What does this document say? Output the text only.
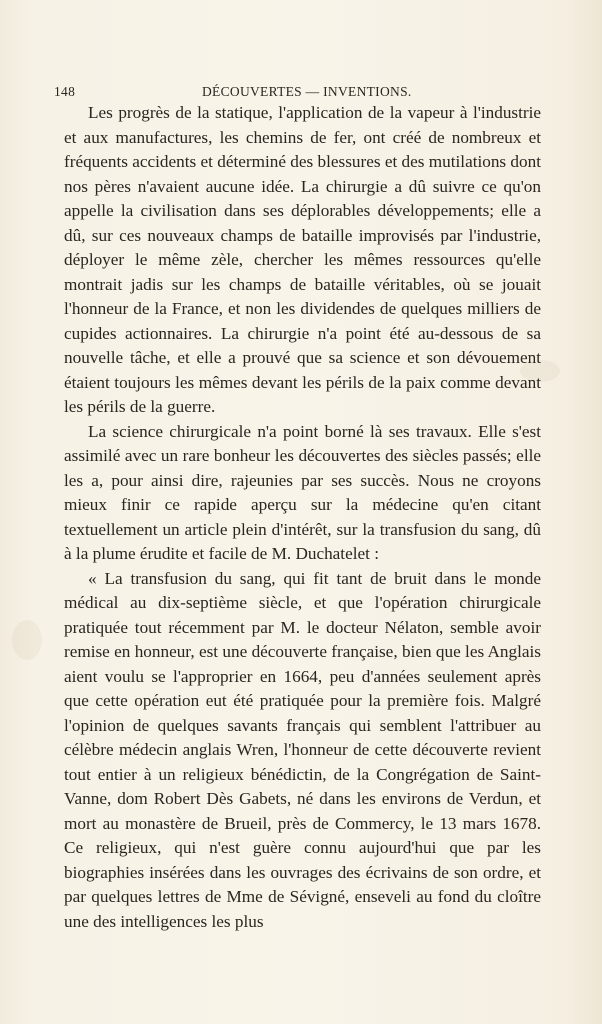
148	DÉCOUVERTES — INVENTIONS.

Les progrès de la statique, l'application de la vapeur à l'industrie et aux manufactures, les chemins de fer, ont créé de nombreux et fréquents accidents et déterminé des blessures et des mutilations dont nos pères n'avaient aucune idée. La chirurgie a dû suivre ce qu'on appelle la civilisation dans ses déplorables développements; elle a dû, sur ces nouveaux champs de bataille improvisés par l'industrie, déployer le même zèle, chercher les mêmes ressources qu'elle montrait jadis sur les champs de bataille véritables, où se jouait l'honneur de la France, et non les dividendes de quelques milliers de cupides actionnaires. La chirurgie n'a point été au-dessous de sa nouvelle tâche, et elle a prouvé que sa science et son dévouement étaient toujours les mêmes devant les périls de la paix comme devant les périls de la guerre.

La science chirurgicale n'a point borné là ses travaux. Elle s'est assimilé avec un rare bonheur les découvertes des siècles passés; elle les a, pour ainsi dire, rajeunies par ses succès. Nous ne croyons mieux finir ce rapide aperçu sur la médecine qu'en citant textuellement un article plein d'intérêt, sur la transfusion du sang, dû à la plume érudite et facile de M. Duchatelet :

« La transfusion du sang, qui fit tant de bruit dans le monde médical au dix-septième siècle, et que l'opération chirurgicale pratiquée tout récemment par M. le docteur Nélaton, semble avoir remise en honneur, est une découverte française, bien que les Anglais aient voulu se l'approprier en 1664, peu d'années seulement après que cette opération eut été pratiquée pour la première fois. Malgré l'opinion de quelques savants français qui semblent l'attribuer au célèbre médecin anglais Wren, l'honneur de cette découverte revient tout entier à un religieux bénédictin, de la Congrégation de Saint-Vanne, dom Robert Dès Gabets, né dans les environs de Verdun, et mort au monastère de Brueil, près de Commercy, le 13 mars 1678. Ce religieux, qui n'est guère connu aujourd'hui que par les biographies insérées dans les ouvrages des écrivains de son ordre, et par quelques lettres de Mme de Sévigné, enseveli au fond du cloître une des intelligences les plus
